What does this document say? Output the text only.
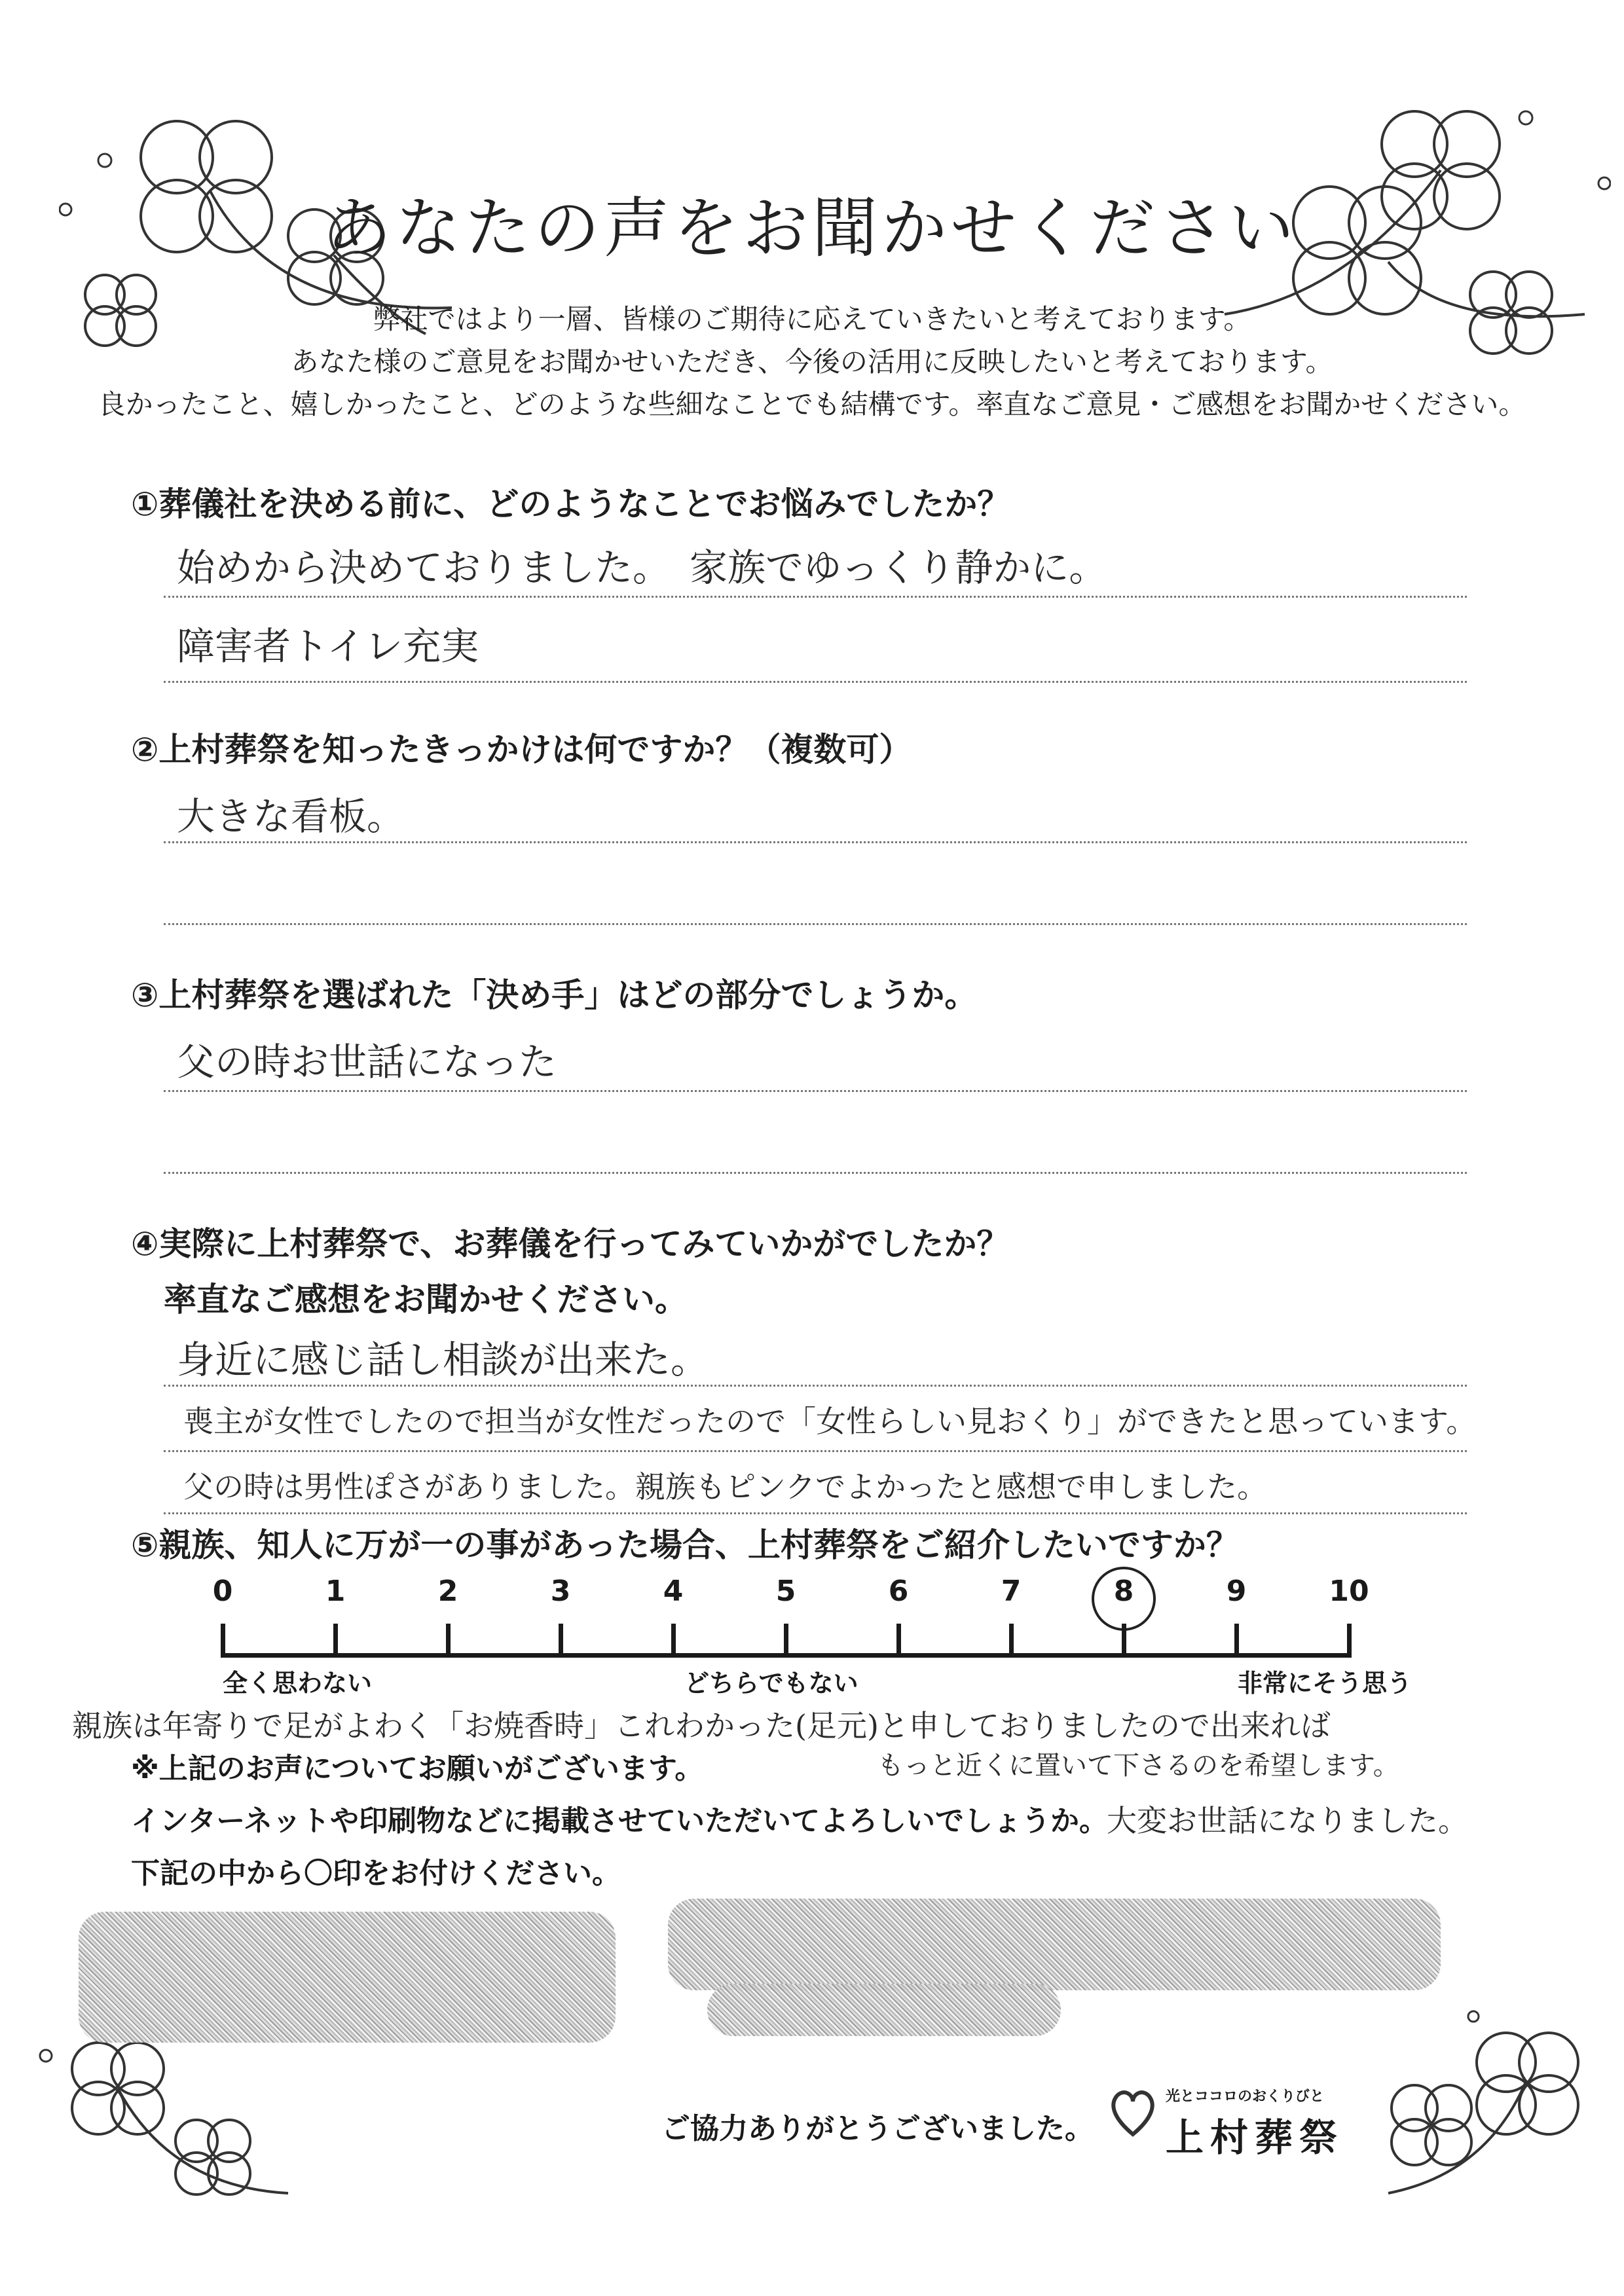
あなたの声をお聞かせください
弊社ではより一層、皆様のご期待に応えていきたいと考えております。
あなた様のご意見をお聞かせいただき、今後の活用に反映したいと考えております。
良かったこと、嬉しかったこと、どのような些細なことでも結構です。率直なご意見・ご感想をお聞かせください。
①葬儀社を決める前に、どのようなことでお悩みでしたか？
始めから決めておりました。　家族でゆっくり静かに。
障害者トイレ充実
②上村葬祭を知ったきっかけは何ですか？（複数可）
大きな看板。
③上村葬祭を選ばれた「決め手」はどの部分でしょうか。
父の時お世話になった
④実際に上村葬祭で、お葬儀を行ってみていかがでしたか？
率直なご感想をお聞かせください。
身近に感じ話し相談が出来た。
喪主が女性でしたので担当が女性だったので「女性らしい見おくり」ができたと思っています。
父の時は男性ぽさがありました。親族もピンクでよかったと感想で申しました。
⑤親族、知人に万が一の事があった場合、上村葬祭をご紹介したいですか？
0	1	2	3	4	5	6	7	8	9	10
全く思わない	どちらでもない	非常にそう思う
親族は年寄りで足がよわく「お焼香時」これわかった(足元)と申しておりましたので出来れば
もっと近くに置いて下さるのを希望します。
大変お世話になりました。
※上記のお声についてお願いがございます。
インターネットや印刷物などに掲載させていただいてよろしいでしょうか。
下記の中から〇印をお付けください。
ご協力ありがとうございました。
光とココロのおくりびと
上村葬祭
